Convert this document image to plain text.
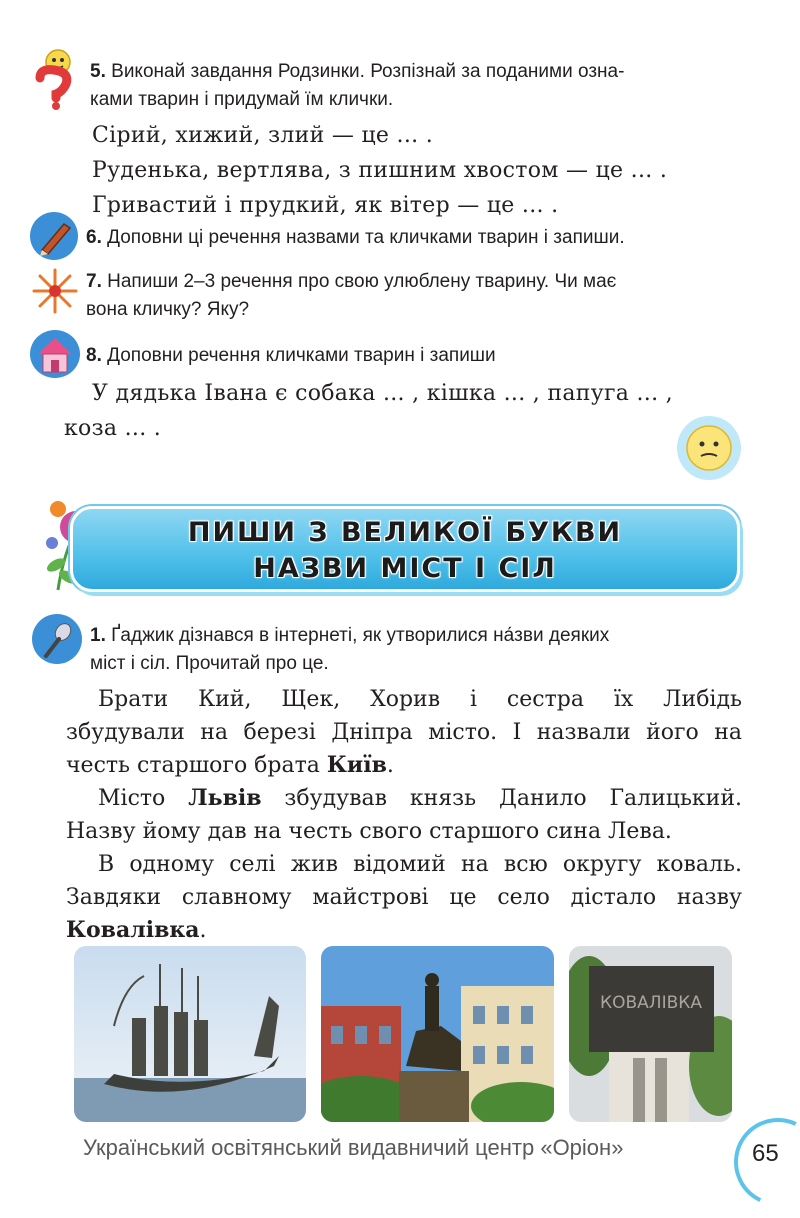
5. Виконай завдання Родзинки. Розпізнай за поданими озна-
ками тварин і придумай їм клички.
Сірий, хижий, злий — це ... .
Руденька, вертлява, з пишним хвостом — це ... .
Гривастий і прудкий, як вітер — це ... .
6. Доповни ці речення назвами та кличками тварин і запиши.
7. Напиши 2–3 речення про свою улюблену тварину. Чи має
вона кличку? Яку?
8. Доповни речення кличками тварин і запиши
У дядька Івана є собака ... , кішка ... , папуга ... ,
коза ... .
ПИШИ З ВЕЛИКОЇ БУКВИ
НАЗВИ МІСТ І СІЛ
1. Ґаджик дізнався в інтернеті, як утворилися на́зви деяких
міст і сіл. Прочитай про це.
Брати Кий, Щек, Хорив і сестра їх Либідь
збудували на березі Дніпра місто. І назвали його на
честь старшого брата Київ.
Місто Львів збудував князь Данило Галицький.
Назву йому дав на честь свого старшого сина Лева.
В одному селі жив відомий на всю округу коваль.
Завдяки славному майстрові це село дістало назву
Ковалівка.
КОВАЛІВКА
Український освітянський видавничий центр «Оріон»	65
